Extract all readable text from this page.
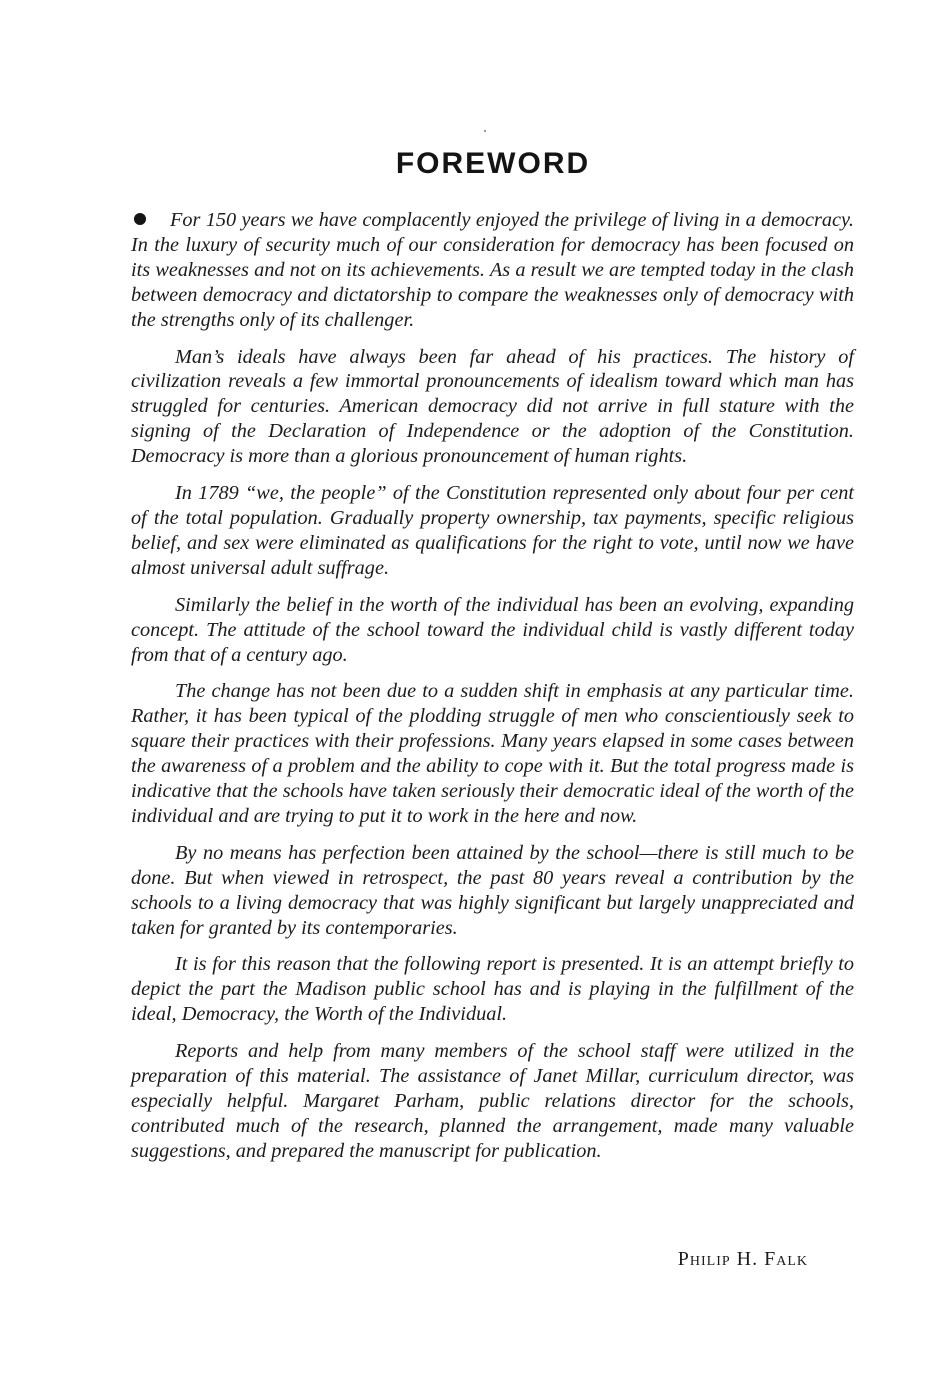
FOREWORD

For 150 years we have complacently enjoyed the privilege of living in a democracy. In the luxury of security much of our consideration for democracy has been focused on its weaknesses and not on its achievements. As a result we are tempted today in the clash between democracy and dictatorship to compare the weaknesses only of democracy with the strengths only of its challenger.

Man’s ideals have always been far ahead of his practices. The history of civilization reveals a few immortal pronouncements of idealism toward which man has struggled for centuries. American democracy did not arrive in full stature with the signing of the Declaration of Independence or the adoption of the Constitution. Democracy is more than a glorious pronouncement of human rights.

In 1789 “we, the people” of the Constitution represented only about four per cent of the total population. Gradually property ownership, tax payments, specific religious belief, and sex were eliminated as qualifications for the right to vote, until now we have almost universal adult suffrage.

Similarly the belief in the worth of the individual has been an evolving, expanding concept. The attitude of the school toward the individual child is vastly different today from that of a century ago.

The change has not been due to a sudden shift in emphasis at any particular time. Rather, it has been typical of the plodding struggle of men who conscientiously seek to square their practices with their professions. Many years elapsed in some cases between the awareness of a problem and the ability to cope with it. But the total progress made is indicative that the schools have taken seriously their democratic ideal of the worth of the individual and are trying to put it to work in the here and now.

By no means has perfection been attained by the school—there is still much to be done. But when viewed in retrospect, the past 80 years reveal a contribution by the schools to a living democracy that was highly significant but largely unappreciated and taken for granted by its contemporaries.

It is for this reason that the following report is presented. It is an attempt briefly to depict the part the Madison public school has and is playing in the fulfillment of the ideal, Democracy, the Worth of the Individual.

Reports and help from many members of the school staff were utilized in the preparation of this material. The assistance of Janet Millar, curriculum director, was especially helpful. Margaret Parham, public relations director for the schools, contributed much of the research, planned the arrangement, made many valuable suggestions, and prepared the manuscript for publication.

Philip H. Falk
